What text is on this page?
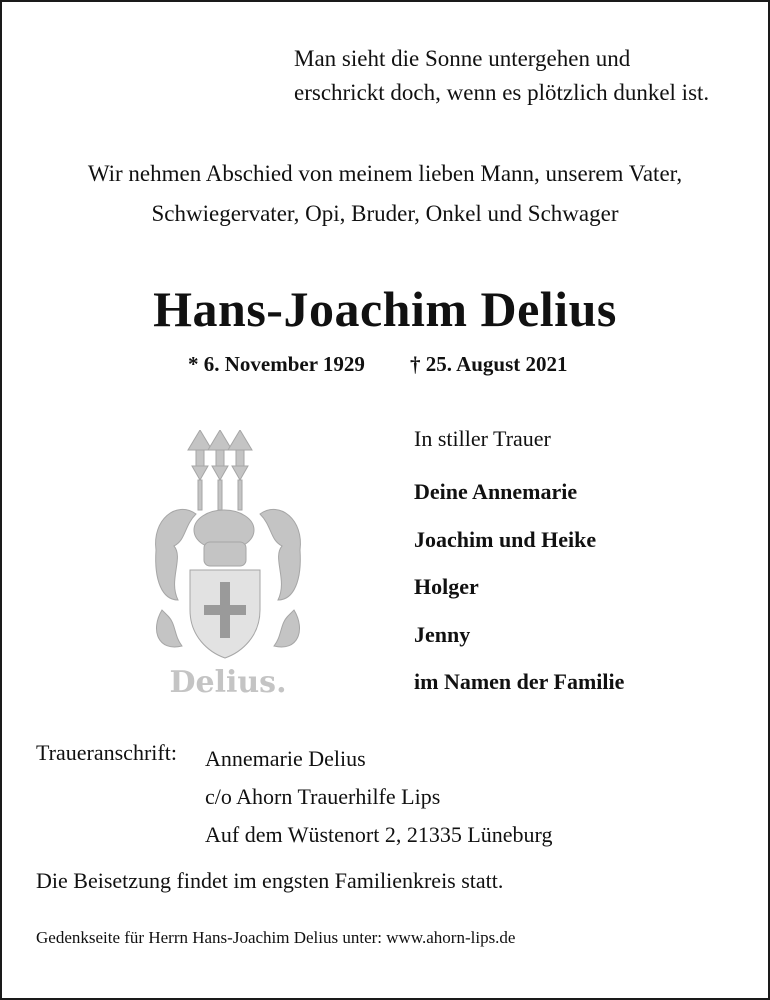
Man sieht die Sonne untergehen und
erschrickt doch, wenn es plötzlich dunkel ist.
Wir nehmen Abschied von meinem lieben Mann, unserem Vater,
Schwiegervater, Opi, Bruder, Onkel und Schwager
Hans-Joachim Delius
* 6. November 1929 † 25. August 2021
Delius.
In stiller Trauer
Deine Annemarie
Joachim und Heike
Holger
Jenny
im Namen der Familie
Traueranschrift: Annemarie Delius
c/o Ahorn Trauerhilfe Lips
Auf dem Wüstenort 2, 21335 Lüneburg
Die Beisetzung findet im engsten Familienkreis statt.
Gedenkseite für Herrn Hans-Joachim Delius unter: www.ahorn-lips.de
